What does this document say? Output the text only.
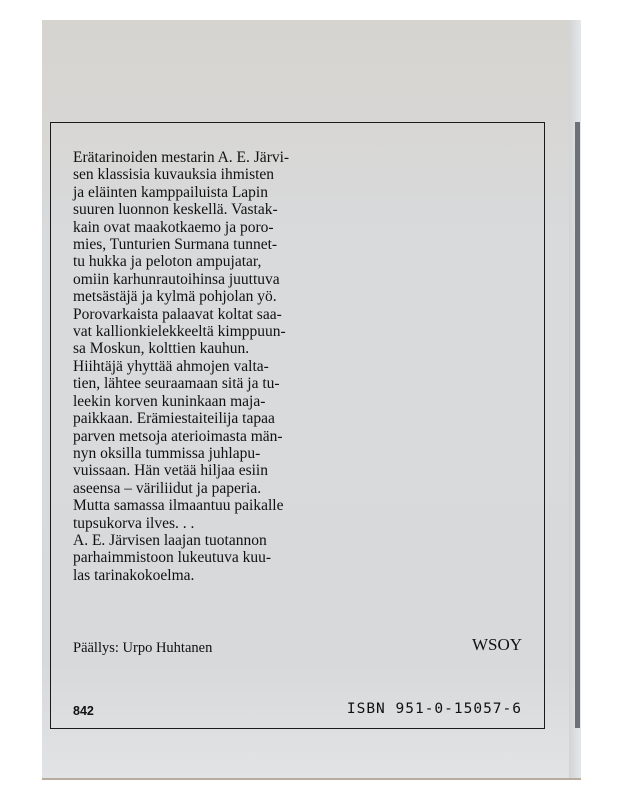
Erätarinoiden mestarin A. E. Järvi-
sen klassisia kuvauksia ihmisten
ja eläinten kamppailuista Lapin
suuren luonnon keskellä. Vastak-
kain ovat maakotkaemo ja poro-
mies, Tunturien Surmana tunnet-
tu hukka ja peloton ampujatar,
omiin karhunrautoihinsa juuttuva
metsästäjä ja kylmä pohjolan yö.
Porovarkaista palaavat koltat saa-
vat kallionkielekkeeltä kimppuun-
sa Moskun, kolttien kauhun.
Hiihtäjä yhyttää ahmojen valta-
tien, lähtee seuraamaan sitä ja tu-
leekin korven kuninkaan maja-
paikkaan. Erämiestaiteilija tapaa
parven metsoja aterioimasta män-
nyn oksilla tummissa juhlapu-
vuissaan. Hän vetää hiljaa esiin
aseensa – väriliidut ja paperia.
Mutta samassa ilmaantuu paikalle
tupsukorva ilves. . .
A. E. Järvisen laajan tuotannon
parhaimmistoon lukeutuva kuu-
las tarinakokoelma.
Päällys: Urpo Huhtanen	WSOY
842	ISBN 951-0-15057-6
